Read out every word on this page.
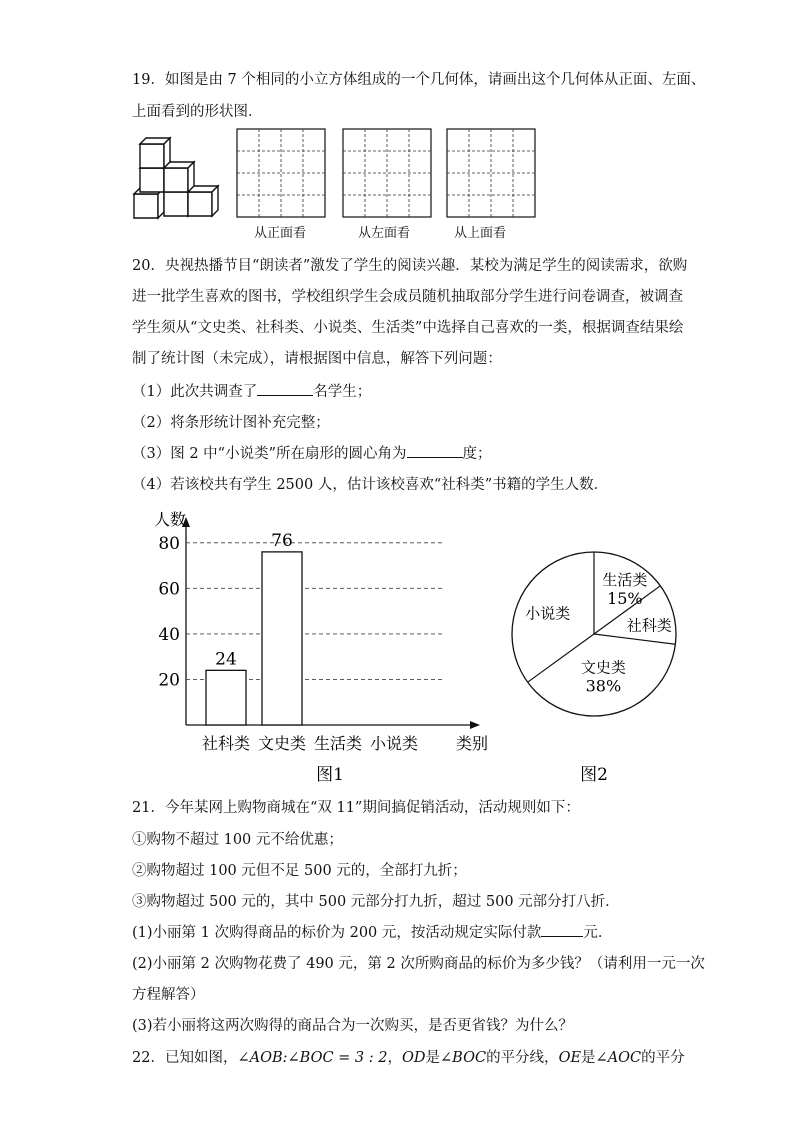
19．如图是由 7 个相同的小立方体组成的一个几何体，请画出这个几何体从正面、左面、
上面看到的形状图．
从正面看	从左面看	从上面看
20．央视热播节目“朗读者”激发了学生的阅读兴趣．某校为满足学生的阅读需求，欲购
进一批学生喜欢的图书，学校组织学生会成员随机抽取部分学生进行问卷调查，被调查
学生须从“文史类、社科类、小说类、生活类”中选择自己喜欢的一类，根据调查结果绘
制了统计图（未完成），请根据图中信息，解答下列问题：
（1）此次共调查了	名学生；
（2）将条形统计图补充完整；
（3）图 2 中“小说类”所在扇形的圆心角为	度；
（4）若该校共有学生 2500 人，估计该校喜欢“社科类”书籍的学生人数．
人数
类别
20
40
60
80
社科类
24
文史类
76
生活类 小说类
图1
生活类
15%
社科类
文史类
38%
小说类
图2
21．今年某网上购物商城在“双 11”期间搞促销活动，活动规则如下：
①购物不超过 100 元不给优惠；
②购物超过 100 元但不足 500 元的，全部打九折；
③购物超过 500 元的，其中 500 元部分打九折，超过 500 元部分打八折．
(1)小丽第 1 次购得商品的标价为 200 元，按活动规定实际付款	元．
(2)小丽第 2 次购物花费了 490 元，第 2 次所购商品的标价为多少钱？（请利用一元一次
方程解答）
(3)若小丽将这两次购得的商品合为一次购买，是否更省钱？为什么？
22．已知如图，∠AOB:∠BOC = 3 : 2，OD是∠BOC的平分线，OE是∠AOC的平分
